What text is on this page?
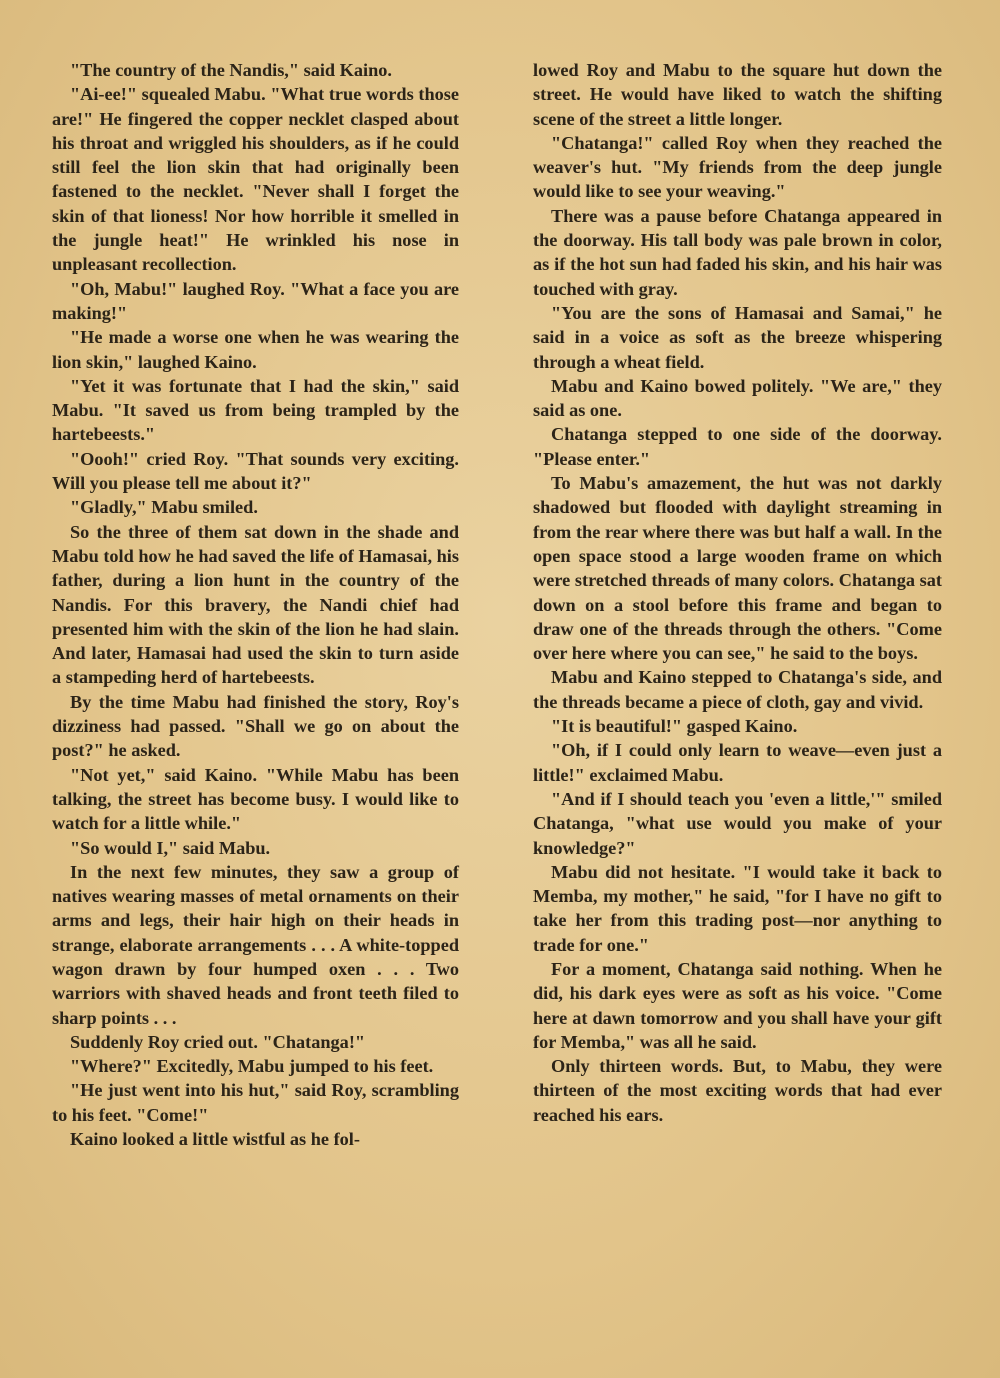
"The country of the Nandis," said Kaino.

"Ai-ee!" squealed Mabu. "What true words those are!" He fingered the copper necklet clasped about his throat and wriggled his shoulders, as if he could still feel the lion skin that had originally been fastened to the necklet. "Never shall I forget the skin of that lioness! Nor how horrible it smelled in the jungle heat!" He wrinkled his nose in unpleasant recollection.

"Oh, Mabu!" laughed Roy. "What a face you are making!"

"He made a worse one when he was wearing the lion skin," laughed Kaino.

"Yet it was fortunate that I had the skin," said Mabu. "It saved us from being trampled by the hartebeests."

"Oooh!" cried Roy. "That sounds very exciting. Will you please tell me about it?"

"Gladly," Mabu smiled.

So the three of them sat down in the shade and Mabu told how he had saved the life of Hamasai, his father, during a lion hunt in the country of the Nandis. For this bravery, the Nandi chief had presented him with the skin of the lion he had slain. And later, Hamasai had used the skin to turn aside a stampeding herd of hartebeests.

By the time Mabu had finished the story, Roy's dizziness had passed. "Shall we go on about the post?" he asked.

"Not yet," said Kaino. "While Mabu has been talking, the street has become busy. I would like to watch for a little while."

"So would I," said Mabu.

In the next few minutes, they saw a group of natives wearing masses of metal ornaments on their arms and legs, their hair high on their heads in strange, elaborate arrangements . . . A white-topped wagon drawn by four humped oxen . . . Two warriors with shaved heads and front teeth filed to sharp points . . .

Suddenly Roy cried out. "Chatanga!"

"Where?" Excitedly, Mabu jumped to his feet.

"He just went into his hut," said Roy, scrambling to his feet. "Come!"

Kaino looked a little wistful as he fol-

lowed Roy and Mabu to the square hut down the street. He would have liked to watch the shifting scene of the street a little longer.

"Chatanga!" called Roy when they reached the weaver's hut. "My friends from the deep jungle would like to see your weaving."

There was a pause before Chatanga appeared in the doorway. His tall body was pale brown in color, as if the hot sun had faded his skin, and his hair was touched with gray.

"You are the sons of Hamasai and Samai," he said in a voice as soft as the breeze whispering through a wheat field.

Mabu and Kaino bowed politely. "We are," they said as one.

Chatanga stepped to one side of the doorway. "Please enter."

To Mabu's amazement, the hut was not darkly shadowed but flooded with daylight streaming in from the rear where there was but half a wall. In the open space stood a large wooden frame on which were stretched threads of many colors. Chatanga sat down on a stool before this frame and began to draw one of the threads through the others. "Come over here where you can see," he said to the boys.

Mabu and Kaino stepped to Chatanga's side, and the threads became a piece of cloth, gay and vivid.

"It is beautiful!" gasped Kaino.

"Oh, if I could only learn to weave—even just a little!" exclaimed Mabu.

"And if I should teach you 'even a little,'" smiled Chatanga, "what use would you make of your knowledge?"

Mabu did not hesitate. "I would take it back to Memba, my mother," he said, "for I have no gift to take her from this trading post—nor anything to trade for one."

For a moment, Chatanga said nothing. When he did, his dark eyes were as soft as his voice. "Come here at dawn tomorrow and you shall have your gift for Memba," was all he said.

Only thirteen words. But, to Mabu, they were thirteen of the most exciting words that had ever reached his ears.
